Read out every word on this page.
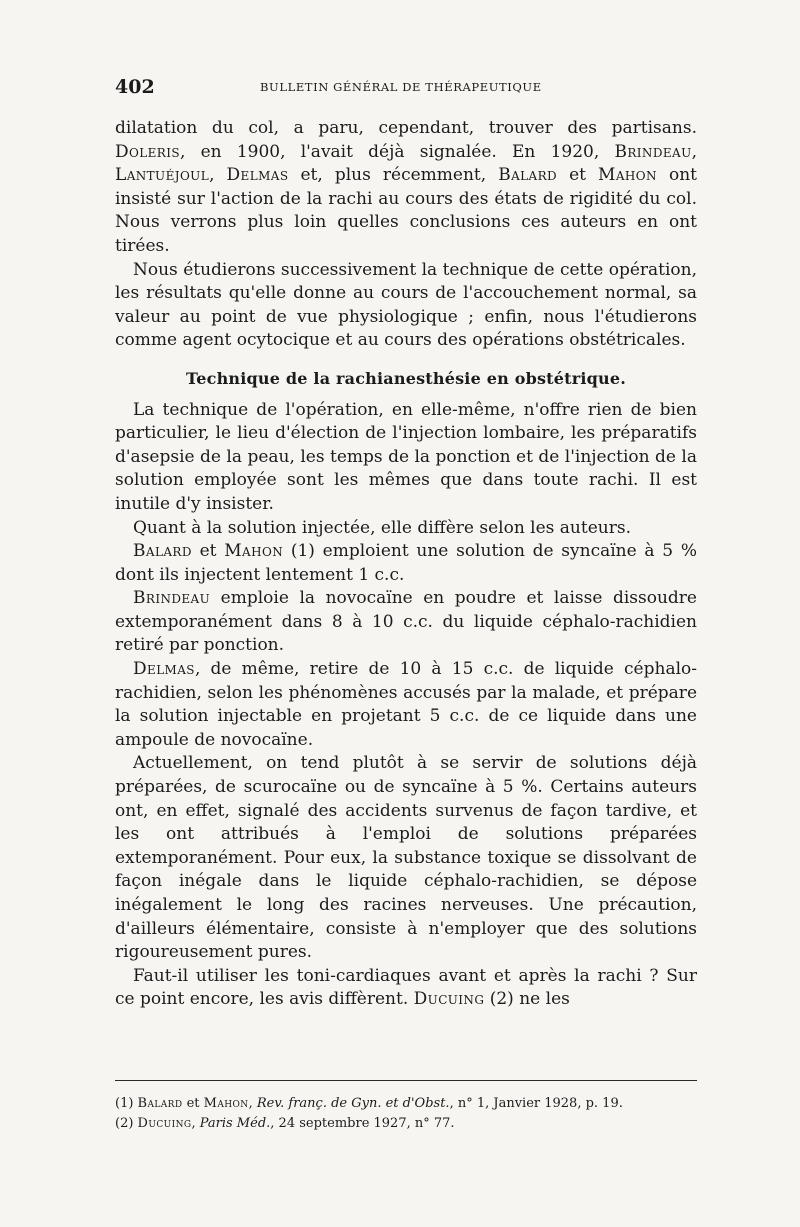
402	BULLETIN GÉNÉRAL DE THÉRAPEUTIQUE

dilatation du col, a paru, cependant, trouver des partisans. Doleris, en 1900, l'avait déjà signalée. En 1920, Brindeau, Lantuéjoul, Delmas et, plus récemment, Balard et Mahon ont insisté sur l'action de la rachi au cours des états de rigidité du col. Nous verrons plus loin quelles conclusions ces auteurs en ont tirées.

Nous étudierons successivement la technique de cette opération, les résultats qu'elle donne au cours de l'accouchement normal, sa valeur au point de vue physiologique ; enfin, nous l'étudierons comme agent ocytocique et au cours des opérations obstétricales.

Technique de la rachianesthésie en obstétrique.

La technique de l'opération, en elle-même, n'offre rien de bien particulier, le lieu d'élection de l'injection lombaire, les préparatifs d'asepsie de la peau, les temps de la ponction et de l'injection de la solution employée sont les mêmes que dans toute rachi. Il est inutile d'y insister.

Quant à la solution injectée, elle diffère selon les auteurs.

Balard et Mahon (1) emploient une solution de syncaïne à 5 % dont ils injectent lentement 1 c.c.

Brindeau emploie la novocaïne en poudre et laisse dissoudre extemporanément dans 8 à 10 c.c. du liquide céphalo-rachidien retiré par ponction.

Delmas, de même, retire de 10 à 15 c.c. de liquide céphalo-rachidien, selon les phénomènes accusés par la malade, et prépare la solution injectable en projetant 5 c.c. de ce liquide dans une ampoule de novocaïne.

Actuellement, on tend plutôt à se servir de solutions déjà préparées, de scurocaïne ou de syncaïne à 5 %. Certains auteurs ont, en effet, signalé des accidents survenus de façon tardive, et les ont attribués à l'emploi de solutions préparées extemporanément. Pour eux, la substance toxique se dissolvant de façon inégale dans le liquide céphalo-rachidien, se dépose inégalement le long des racines nerveuses. Une précaution, d'ailleurs élémentaire, consiste à n'employer que des solutions rigoureusement pures.

Faut-il utiliser les toni-cardiaques avant et après la rachi ? Sur ce point encore, les avis diffèrent. Ducuing (2) ne les

(1) Balard et Mahon, Rev. franç. de Gyn. et d'Obst., n° 1, Janvier 1928, p. 19.
(2) Ducuing, Paris Méd., 24 septembre 1927, n° 77.
